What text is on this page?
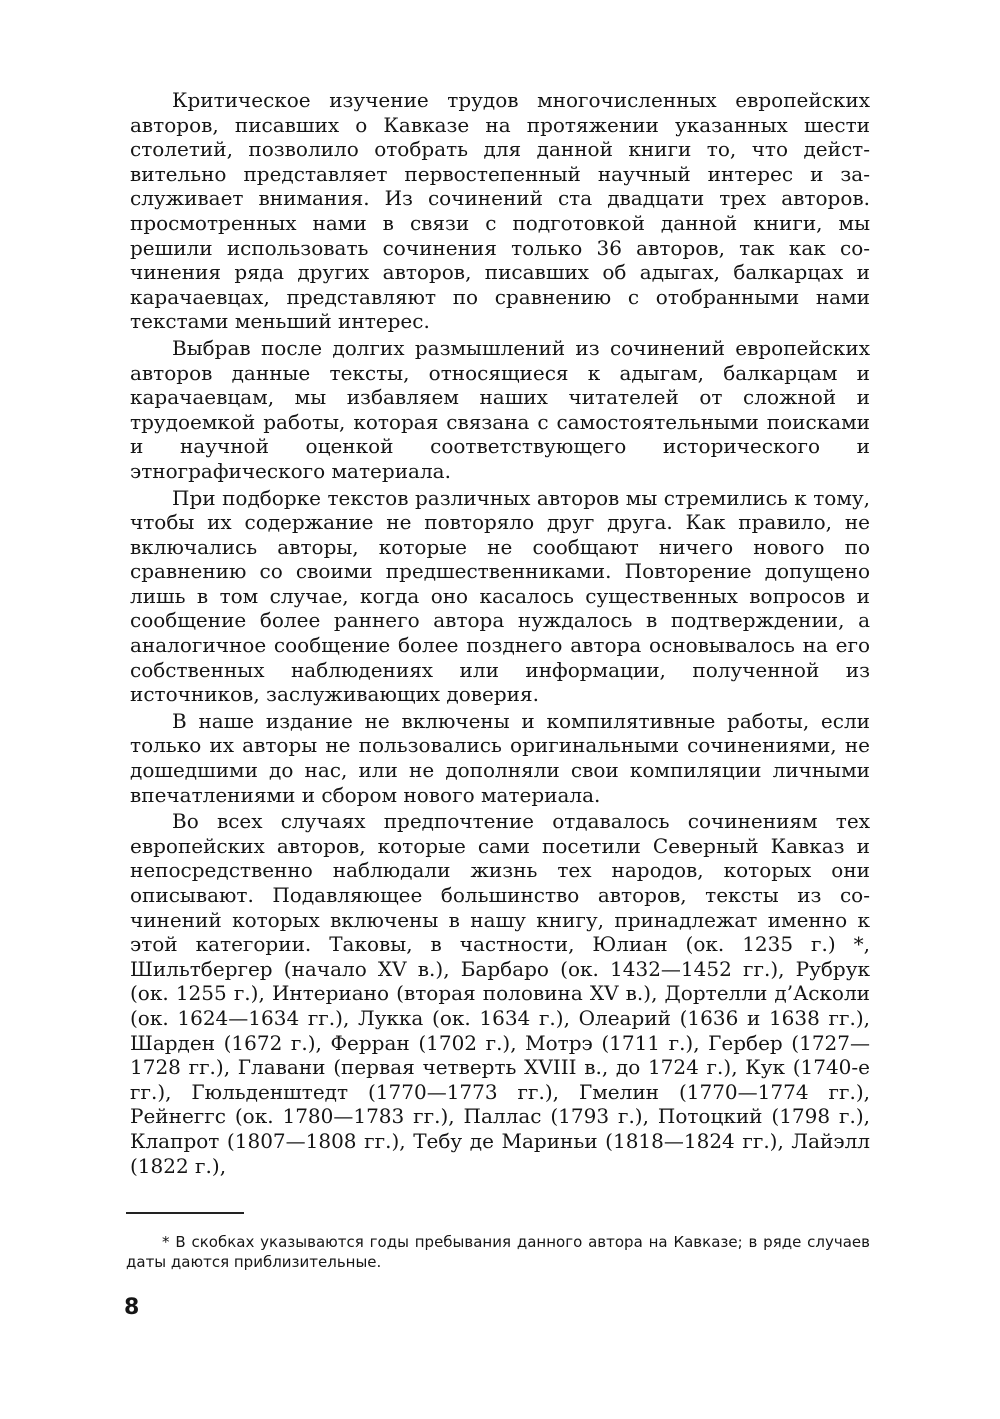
Критическое изучение трудов многочисленных европейских авторов, писавших о Кавказе на протяжении указанных шести столетий, позволило отобрать для данной книги то, что действительно представляет первостепенный научный интерес и заслуживает внимания. Из сочинений ста двадцати трех авторов. просмотренных нами в связи с подготовкой данной книги, мы решили использовать сочинения только 36 авторов, так как сочинения ряда других авторов, писавших об адыгах, балкарцах и карачаевцах, представляют по сравнению с отобранными нами текстами меньший интерес.

Выбрав после долгих размышлений из сочинений европейских авторов данные тексты, относящиеся к адыгам, балкарцам и карачаевцам, мы избавляем наших читателей от сложной и трудоемкой работы, которая связана с самостоятельными поисками и научной оценкой соответствующего исторического и этнографического материала.

При подборке текстов различных авторов мы стремились к тому, чтобы их содержание не повторяло друг друга. Как правило, не включались авторы, которые не сообщают ничего нового по сравнению со своими предшественниками. Повторение допущено лишь в том случае, когда оно касалось существенных вопросов и сообщение более раннего автора нуждалось в подтверждении, а аналогичное сообщение более позднего автора основывалось на его собственных наблюдениях или информации, полученной из источников, заслуживающих доверия.

В наше издание не включены и компилятивные работы, если только их авторы не пользовались оригинальными сочинениями, не дошедшими до нас, или не дополняли свои компиляции личными впечатлениями и сбором нового материала.

Во всех случаях предпочтение отдавалось сочинениям тех европейских авторов, которые сами посетили Северный Кавказ и непосредственно наблюдали жизнь тех народов, которых они описывают. Подавляющее большинство авторов, тексты из сочинений которых включены в нашу книгу, принадлежат именно к этой категории. Таковы, в частности, Юлиан (ок. 1235 г.) *, Шильтбергер (начало XV в.), Барбаро (ок. 1432—1452 гг.), Рубрук (ок. 1255 г.), Интериано (вторая половина XV в.), Дортелли д’Асколи (ок. 1624—1634 гг.), Лукка (ок. 1634 г.), Олеарий (1636 и 1638 гг.), Шарден (1672 г.), Ферран (1702 г.), Мотрэ (1711 г.), Гербер (1727—1728 гг.), Главани (первая четверть XVIII в., до 1724 г.), Кук (1740-е гг.), Гюльденштедт (1770—1773 гг.), Гмелин (1770—1774 гг.), Рейнеггс (ок. 1780—1783 гг.), Паллас (1793 г.), Потоцкий (1798 г.), Клапрот (1807—1808 гг.), Тебу де Мариньи (1818—1824 гг.), Лайэлл (1822 г.),

* В скобках указываются годы пребывания данного автора на Кавказе; в ряде случаев даты даются приблизительные.

8
